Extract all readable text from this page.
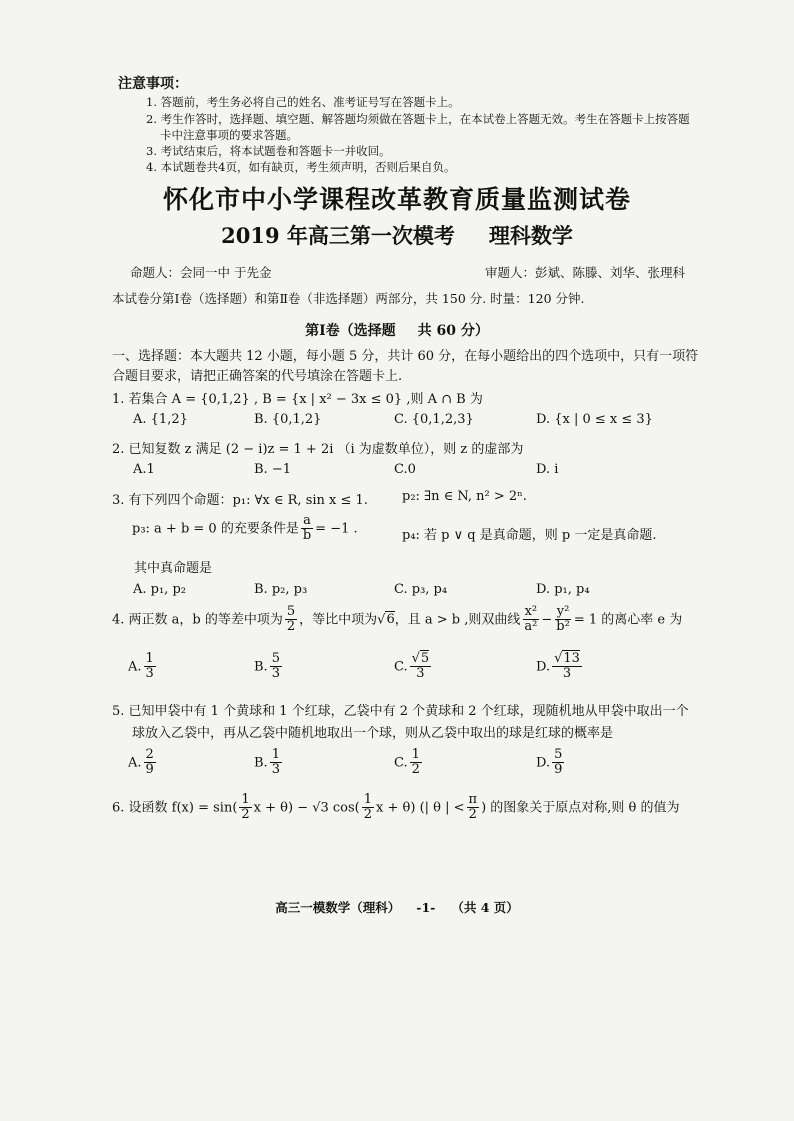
注意事项：
1. 答题前，考生务必将自己的姓名、准考证号写在答题卡上。
2. 考生作答时，选择题、填空题、解答题均须做在答题卡上，在本试卷上答题无效。考生在答题卡上按答题
卡中注意事项的要求答题。
3. 考试结束后，将本试题卷和答题卡一并收回。
4. 本试题卷共4页，如有缺页，考生须声明，否则后果自负。
怀化市中小学课程改革教育质量监测试卷
2019 年高三第一次模考 理科数学
命题人：会同一中 于先金	审题人：彭斌、陈滕、刘华、张理科
本试卷分第Ⅰ卷（选择题）和第Ⅱ卷（非选择题）两部分，共 150 分. 时量：120 分钟.
第Ⅰ卷（选择题 共 60 分）
一、选择题：本大题共 12 小题，每小题 5 分，共计 60 分，在每小题给出的四个选项中，只有一项符
合题目要求，请把正确答案的代号填涂在答题卡上.
1. 若集合 A = {0,1,2} , B = {x | x² − 3x ≤ 0} ,则 A ∩ B 为
A. {1,2}	B. {0,1,2}	C. {0,1,2,3}	D. {x | 0 ≤ x ≤ 3}
2. 已知复数 z 满足 (2 − i)z = 1 + 2i （i 为虚数单位），则 z 的虚部为
A.1	B. −1	C.0	D. i
3. 有下列四个命题：p₁: ∀x ∈ R, sin x ≤ 1.	p₂: ∃n ∈ N, n² > 2ⁿ.
p₃: a + b = 0 的充要条件是 $\frac{a}{b} = -1$ .	p₄: 若 p ∨ q 是真命题，则 p 一定是真命题.
其中真命题是
A. p₁, p₂	B. p₂, p₃	C. p₃, p₄	D. p₁, p₄
4. 两正数 a，b 的等差中项为 $\frac{5}{2}$ ，等比中项为√6，且 a > b ,则双曲线 $\frac{\text{x²}}{\text{a²}} - \frac{\text{y²}}{\text{b²}} = 1$ 的离心率 e 为
A. $\frac{1}{3}$	B. $\frac{5}{3}$	C. $\frac{√5}{3}$	D. $\frac{√13}{3}$
5. 已知甲袋中有 1 个黄球和 1 个红球，乙袋中有 2 个黄球和 2 个红球，现随机地从甲袋中取出一个
球放入乙袋中，再从乙袋中随机地取出一个球，则从乙袋中取出的球是红球的概率是
A. $\frac{2}{9}$	B. $\frac{1}{3}$	C. $\frac{1}{2}$	D. $\frac{5}{9}$
6. 设函数 $f(x) = \sin( \frac{1}{2}$ x + θ) − √3 $\cos( \frac{1}{2}$ x + θ) (| θ | < $\frac{\pi}{2}$ ) 的图象关于原点对称,则 θ 的值为
高三一模数学（理科） -1- （共 4 页）
